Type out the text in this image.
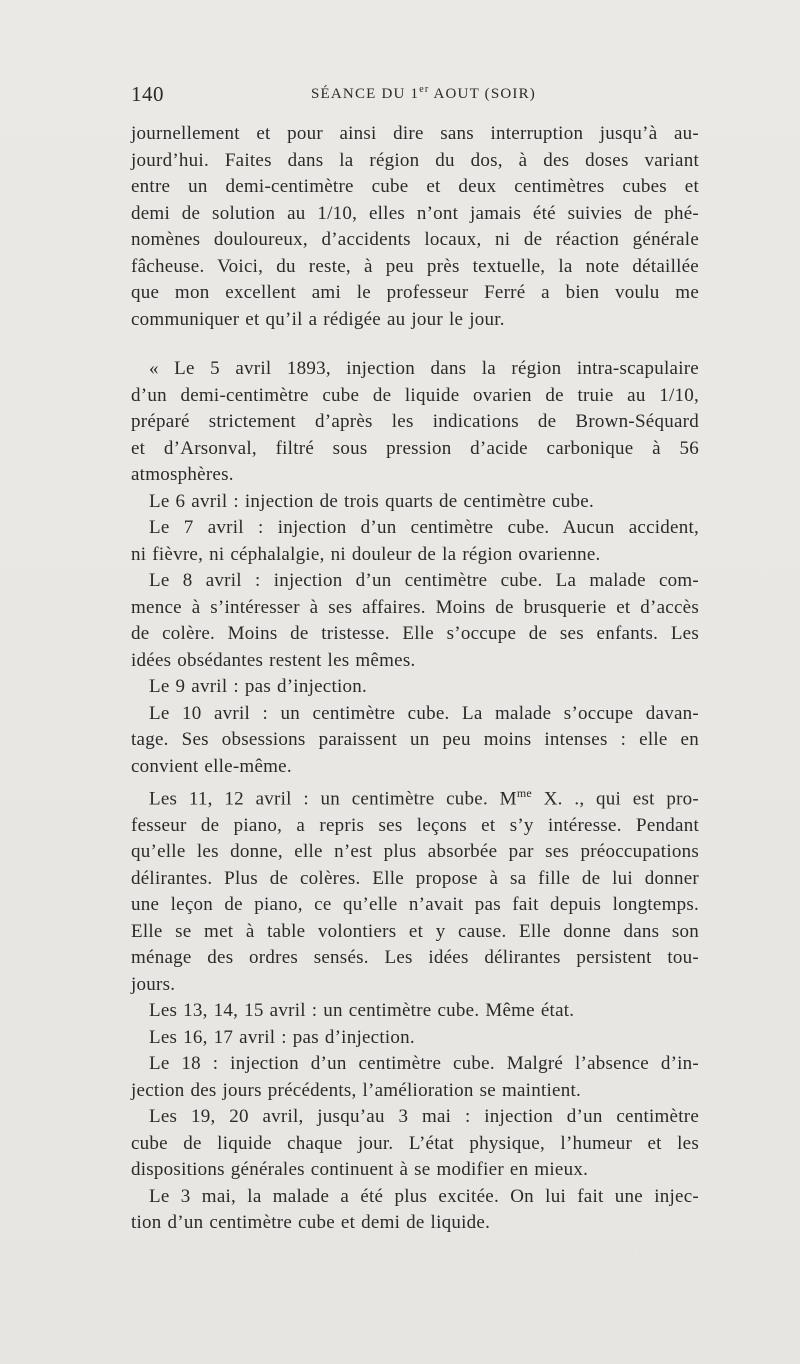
140	SÉANCE DU 1er AOUT (SOIR)
journellement et pour ainsi dire sans interruption jusqu’à au-
jourd’hui. Faites dans la région du dos, à des doses variant
entre un demi-centimètre cube et deux centimètres cubes et
demi de solution au 1/10, elles n’ont jamais été suivies de phé-
nomènes douloureux, d’accidents locaux, ni de réaction générale
fâcheuse. Voici, du reste, à peu près textuelle, la note détaillée
que mon excellent ami le professeur Ferré a bien voulu me
communiquer et qu’il a rédigée au jour le jour.
« Le 5 avril 1893, injection dans la région intra-scapulaire
d’un demi-centimètre cube de liquide ovarien de truie au 1/10,
préparé strictement d’après les indications de Brown-Séquard
et d’Arsonval, filtré sous pression d’acide carbonique à 56
atmosphères.
Le 6 avril : injection de trois quarts de centimètre cube.
Le 7 avril : injection d’un centimètre cube. Aucun accident,
ni fièvre, ni céphalalgie, ni douleur de la région ovarienne.
Le 8 avril : injection d’un centimètre cube. La malade com-
mence à s’intéresser à ses affaires. Moins de brusquerie et d’accès
de colère. Moins de tristesse. Elle s’occupe de ses enfants. Les
idées obsédantes restent les mêmes.
Le 9 avril : pas d’injection.
Le 10 avril : un centimètre cube. La malade s’occupe davan-
tage. Ses obsessions paraissent un peu moins intenses : elle en
convient elle-même.
Les 11, 12 avril : un centimètre cube. $M^{me}$ X. ., qui est pro-
fesseur de piano, a repris ses leçons et s’y intéresse. Pendant
qu’elle les donne, elle n’est plus absorbée par ses préoccupations
délirantes. Plus de colères. Elle propose à sa fille de lui donner
une leçon de piano, ce qu’elle n’avait pas fait depuis longtemps.
Elle se met à table volontiers et y cause. Elle donne dans son
ménage des ordres sensés. Les idées délirantes persistent tou-
jours.
Les 13, 14, 15 avril : un centimètre cube. Même état.
Les 16, 17 avril : pas d’injection.
Le 18 : injection d’un centimètre cube. Malgré l’absence d’in-
jection des jours précédents, l’amélioration se maintient.
Les 19, 20 avril, jusqu’au 3 mai : injection d’un centimètre
cube de liquide chaque jour. L’état physique, l’humeur et les
dispositions générales continuent à se modifier en mieux.
Le 3 mai, la malade a été plus excitée. On lui fait une injec-
tion d’un centimètre cube et demi de liquide.
